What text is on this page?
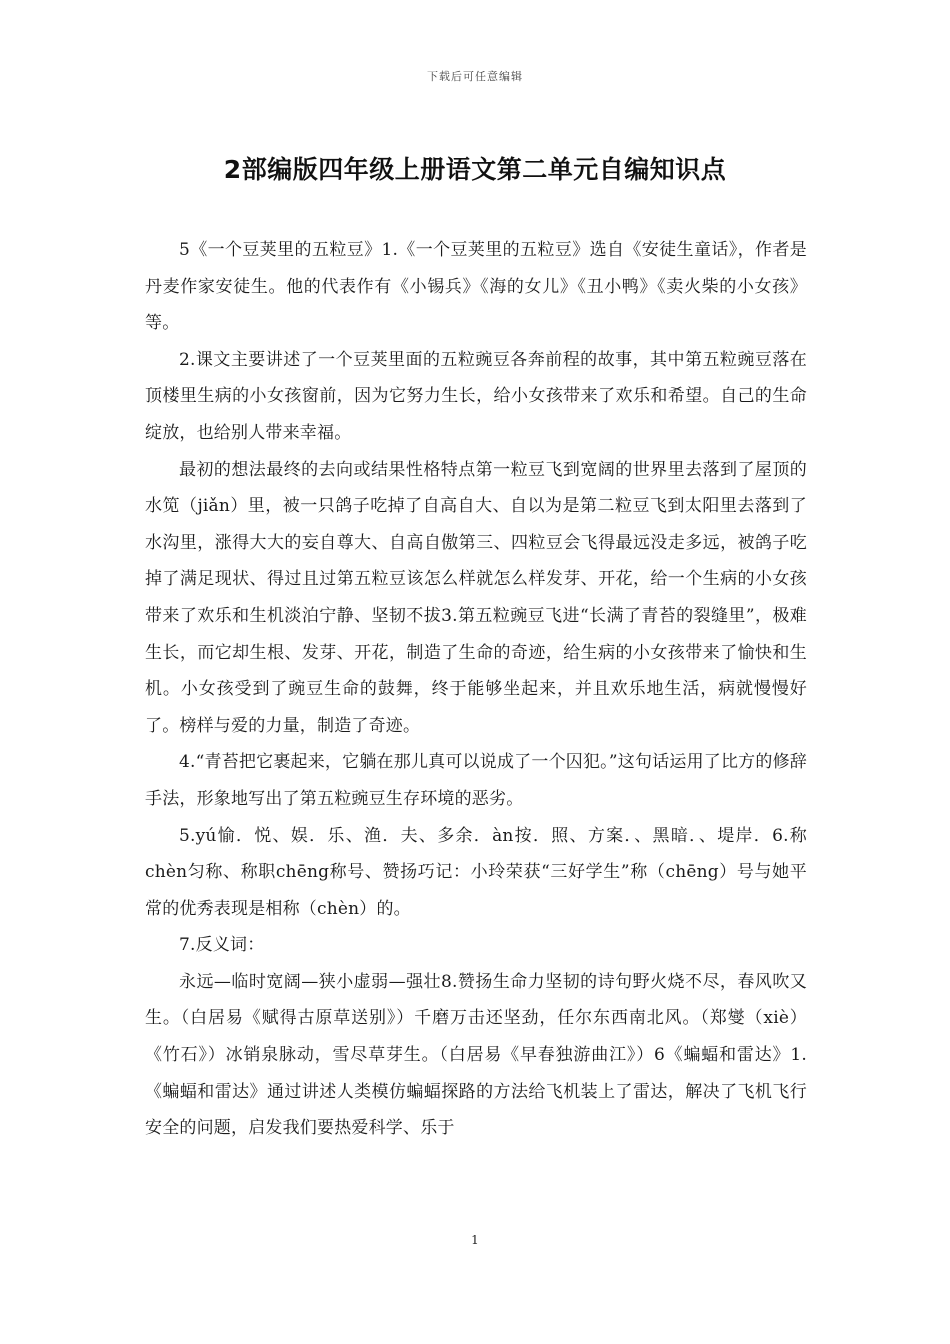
下载后可任意编辑
2部编版四年级上册语文第二单元自编知识点

5《一个豆荚里的五粒豆》1.《一个豆荚里的五粒豆》选自《安徒生童话》，作者是丹麦作家安徒生。他的代表作有《小锡兵》《海的女儿》《丑小鸭》《卖火柴的小女孩》等。

2.课文主要讲述了一个豆荚里面的五粒豌豆各奔前程的故事，其中第五粒豌豆落在顶楼里生病的小女孩窗前，因为它努力生长，给小女孩带来了欢乐和希望。自己的生命绽放，也给别人带来幸福。

最初的想法最终的去向或结果性格特点第一粒豆飞到宽阔的世界里去落到了屋顶的水笕（jiǎn）里，被一只鸽子吃掉了自高自大、自以为是第二粒豆飞到太阳里去落到了水沟里，涨得大大的妄自尊大、自高自傲第三、四粒豆会飞得最远没走多远，被鸽子吃掉了满足现状、得过且过第五粒豆该怎么样就怎么样发芽、开花，给一个生病的小女孩带来了欢乐和生机淡泊宁静、坚韧不拔3.第五粒豌豆飞进“长满了青苔的裂缝里”，极难生长，而它却生根、发芽、开花，制造了生命的奇迹，给生病的小女孩带来了愉快和生机。小女孩受到了豌豆生命的鼓舞，终于能够坐起来，并且欢乐地生活，病就慢慢好了。榜样与爱的力量，制造了奇迹。

4.“青苔把它裹起来，它躺在那儿真可以说成了一个囚犯。”这句话运用了比方的修辞手法，形象地写出了第五粒豌豆生存环境的恶劣。

5.yú愉．悦、娱．乐、渔．夫、多余．àn按．照、方案．、黑暗．、堤岸．6.称chèn匀称、称职chēng称号、赞扬巧记：小玲荣获“三好学生”称（chēng）号与她平常的优秀表现是相称（chèn）的。

7.反义词：

永远—临时宽阔—狭小虚弱—强壮8.赞扬生命力坚韧的诗句野火烧不尽，春风吹又生。（白居易《赋得古原草送别》）千磨万击还坚劲，任尔东西南北风。（郑燮（xiè）《竹石》）冰销泉脉动，雪尽草芽生。（白居易《早春独游曲江》）6《蝙蝠和雷达》1.《蝙蝠和雷达》通过讲述人类模仿蝙蝠探路的方法给飞机装上了雷达，解决了飞机飞行安全的问题，启发我们要热爱科学、乐于

1
